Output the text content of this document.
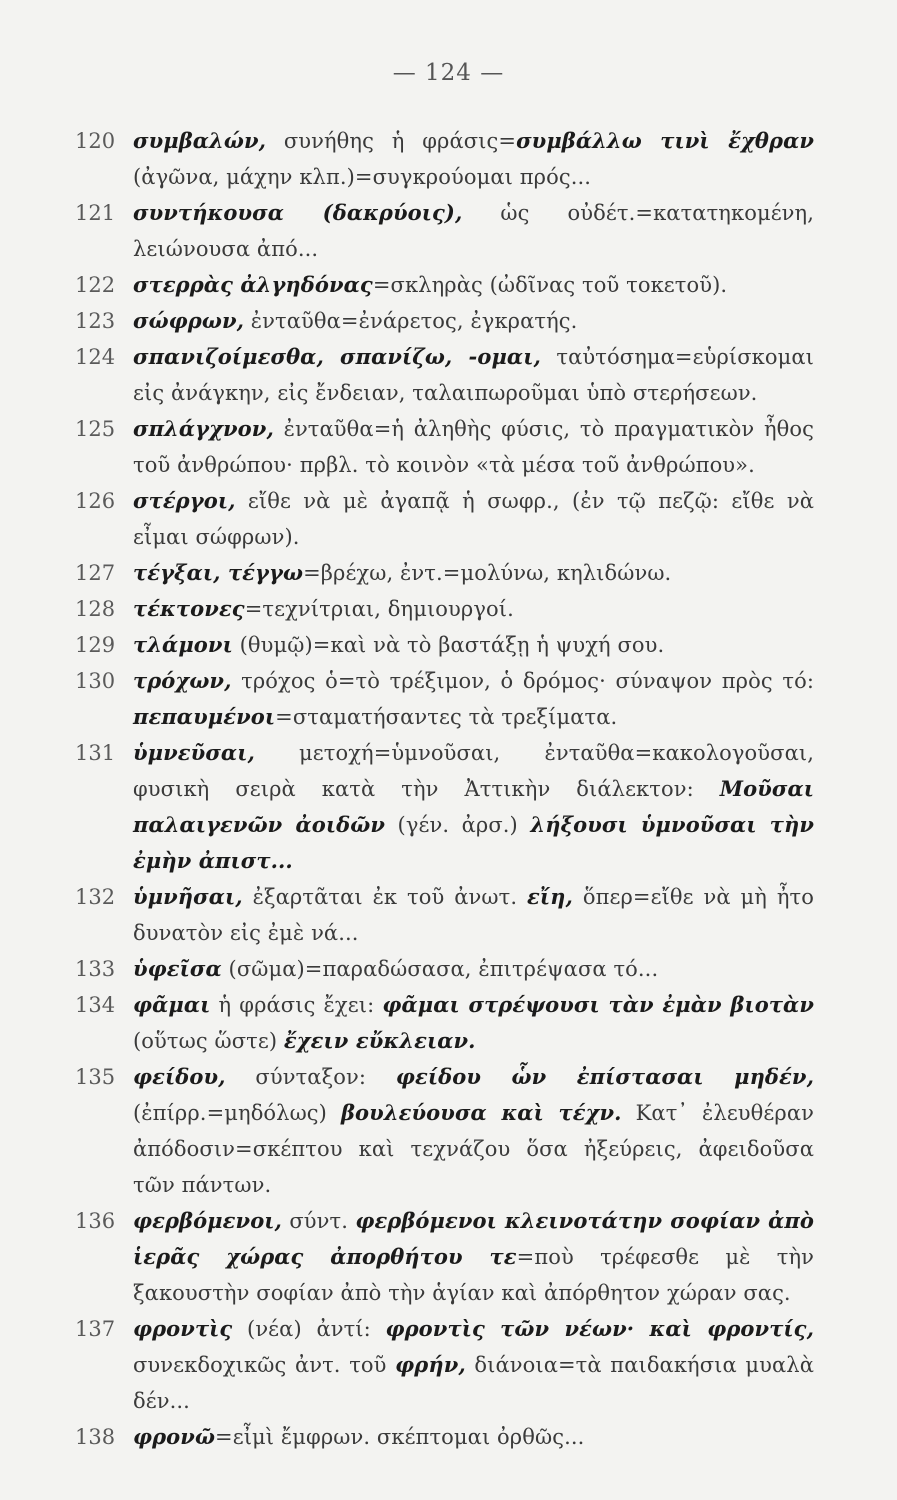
— 124 —
120 συμβαλών, συνήθης ἡ φράσις=συμβάλλω τινὶ ἔχθραν (ἀγῶνα, μάχην κλπ.)=συγκρούομαι πρός...
121 συντήκουσα (δακρύοις), ὡς οὐδέτ.=κατατηκομένη, λειώνουσα ἀπό...
122 στερρὰς ἀλγηδόνας=σκληρὰς (ὠδῖνας τοῦ τοκετοῦ).
123 σώφρων, ἐνταῦθα=ἐνάρετος, ἐγκρατής.
124 σπανιζοίμεσθα, σπανίζω, -ομαι, ταὐτόσημα=εὑρίσκομαι εἰς ἀνάγκην, εἰς ἔνδειαν, ταλαιπωροῦμαι ὑπὸ στερήσεων.
125 σπλάγχνον, ἐνταῦθα=ἡ ἀληθὴς φύσις, τὸ πραγματικὸν ἦθος τοῦ ἀνθρώπου· πρβλ. τὸ κοινὸν «τὰ μέσα τοῦ ἀνθρώπου».
126 στέργοι, εἴθε νὰ μὲ ἀγαπᾷ ἡ σωφρ., (ἐν τῷ πεζῷ: εἴθε νὰ εἶμαι σώφρων).
127 τέγξαι, τέγγω=βρέχω, ἐντ.=μολύνω, κηλιδώνω.
128 τέκτονες=τεχνίτριαι, δημιουργοί.
129 τλάμονι (θυμῷ)=καὶ νὰ τὸ βαστάξῃ ἡ ψυχή σου.
130 τρόχων, τρόχος ὁ=τὸ τρέξιμον, ὁ δρόμος· σύναψον πρὸς τό: πεπαυμένοι=σταματήσαντες τὰ τρεξίματα.
131 ὑμνεῦσαι, μετοχή=ὑμνοῦσαι, ἐνταῦθα=κακολογοῦσαι, φυσικὴ σειρὰ κατὰ τὴν Ἀττικὴν διάλεκτον: Μοῦσαι παλαιγενῶν ἀοιδῶν (γέν. ἀρσ.) λήξουσι ὑμνοῦσαι τὴν ἐμὴν ἀπιστ...
132 ὑμνῆσαι, ἐξαρτᾶται ἐκ τοῦ ἀνωτ. εἴη, ὅπερ=εἴθε νὰ μὴ ἦτο δυνατὸν εἰς ἐμὲ νά...
133 ὑφεῖσα (σῶμα)=παραδώσασα, ἐπιτρέψασα τό...
134 φᾶμαι ἡ φράσις ἔχει: φᾶμαι στρέψουσι τὰν ἐμὰν βιοτὰν (οὕτως ὥστε) ἔχειν εὔκλειαν.
135 φείδου, σύνταξον: φείδου ὧν ἐπίστασαι μηδέν, (ἐπίρρ.=μηδόλως) βουλεύουσα καὶ τέχν. Κατ᾽ ἐλευθέραν ἀπόδοσιν=σκέπτου καὶ τεχνάζου ὅσα ἠξεύρεις, ἀφειδοῦσα τῶν πάντων.
136 φερβόμενοι, σύντ. φερβόμενοι κλεινοτάτην σοφίαν ἀπὸ ἱερᾶς χώρας ἀπορθήτου τε=ποὺ τρέφεσθε μὲ τὴν ξακουστὴν σοφίαν ἀπὸ τὴν ἁγίαν καὶ ἀπόρθητον χώραν σας.
137 φροντὶς (νέα) ἀντί: φροντὶς τῶν νέων· καὶ φροντίς, συνεκδοχικῶς ἀντ. τοῦ φρήν, διάνοια=τὰ παιδακήσια μυαλὰ δέν...
138 φρονῶ=εἶμὶ ἔμφρων. σκέπτομαι ὀρθῶς...
